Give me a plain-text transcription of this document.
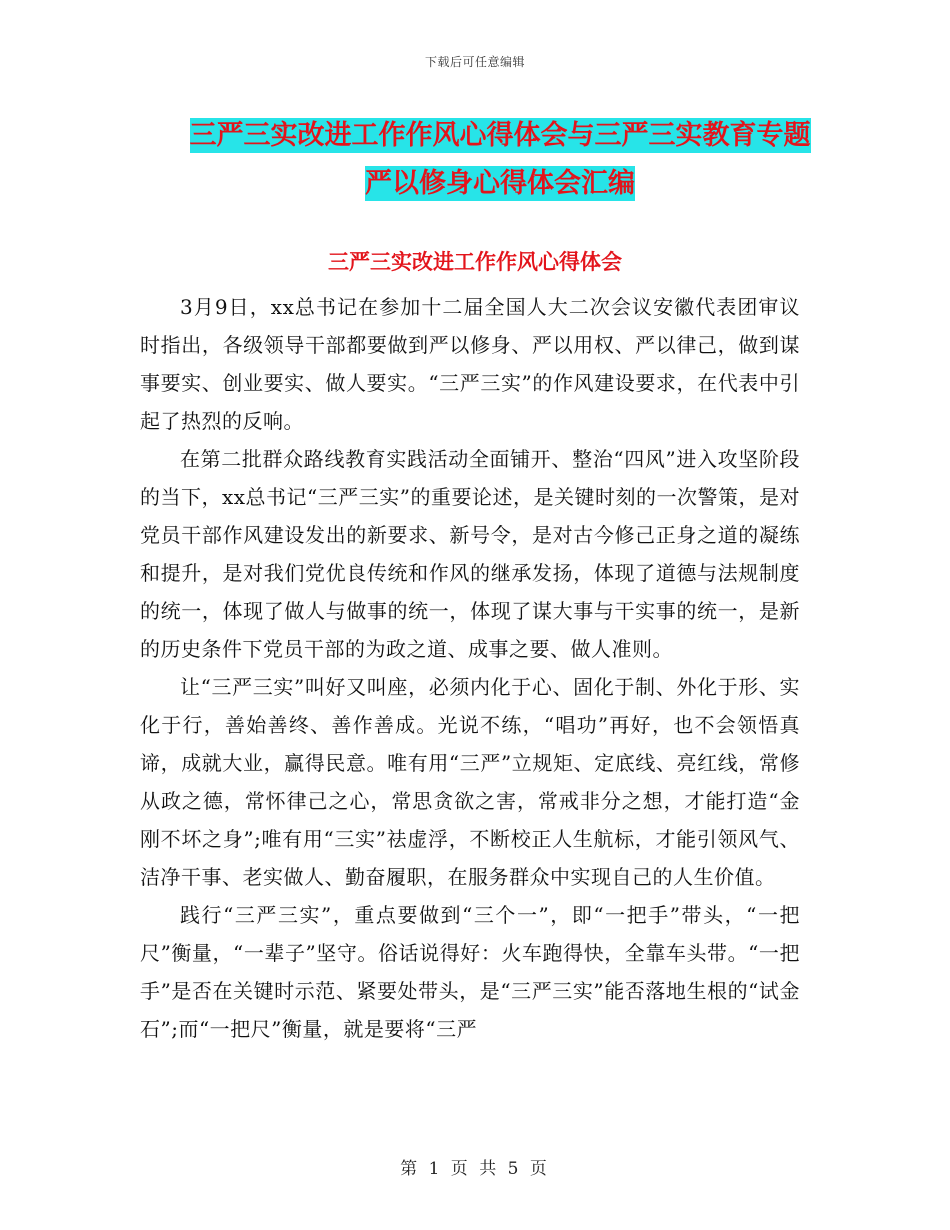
下载后可任意编辑
三严三实改进工作作风心得体会与三严三实教育专题
严以修身心得体会汇编
三严三实改进工作作风心得体会

3月9日，xx总书记在参加十二届全国人大二次会议安徽代表团审议时指出，各级领导干部都要做到严以修身、严以用权、严以律己，做到谋事要实、创业要实、做人要实。“三严三实”的作风建设要求，在代表中引起了热烈的反响。

在第二批群众路线教育实践活动全面铺开、整治“四风”进入攻坚阶段的当下，xx总书记“三严三实”的重要论述，是关键时刻的一次警策，是对党员干部作风建设发出的新要求、新号令，是对古今修己正身之道的凝练和提升，是对我们党优良传统和作风的继承发扬，体现了道德与法规制度的统一，体现了做人与做事的统一，体现了谋大事与干实事的统一，是新的历史条件下党员干部的为政之道、成事之要、做人准则。

让“三严三实”叫好又叫座，必须内化于心、固化于制、外化于形、实化于行，善始善终、善作善成。光说不练，“唱功”再好，也不会领悟真谛，成就大业，赢得民意。唯有用“三严”立规矩、定底线、亮红线，常修从政之德，常怀律己之心，常思贪欲之害，常戒非分之想，才能打造“金刚不坏之身”;唯有用“三实”祛虚浮，不断校正人生航标，才能引领风气、洁净干事、老实做人、勤奋履职，在服务群众中实现自己的人生价值。

践行“三严三实”，重点要做到“三个一”，即“一把手”带头，“一把尺”衡量，“一辈子”坚守。俗话说得好：火车跑得快，全靠车头带。“一把手”是否在关键时示范、紧要处带头，是“三严三实”能否落地生根的“试金石”;而“一把尺”衡量，就是要将“三严

第 1 页 共 5 页
